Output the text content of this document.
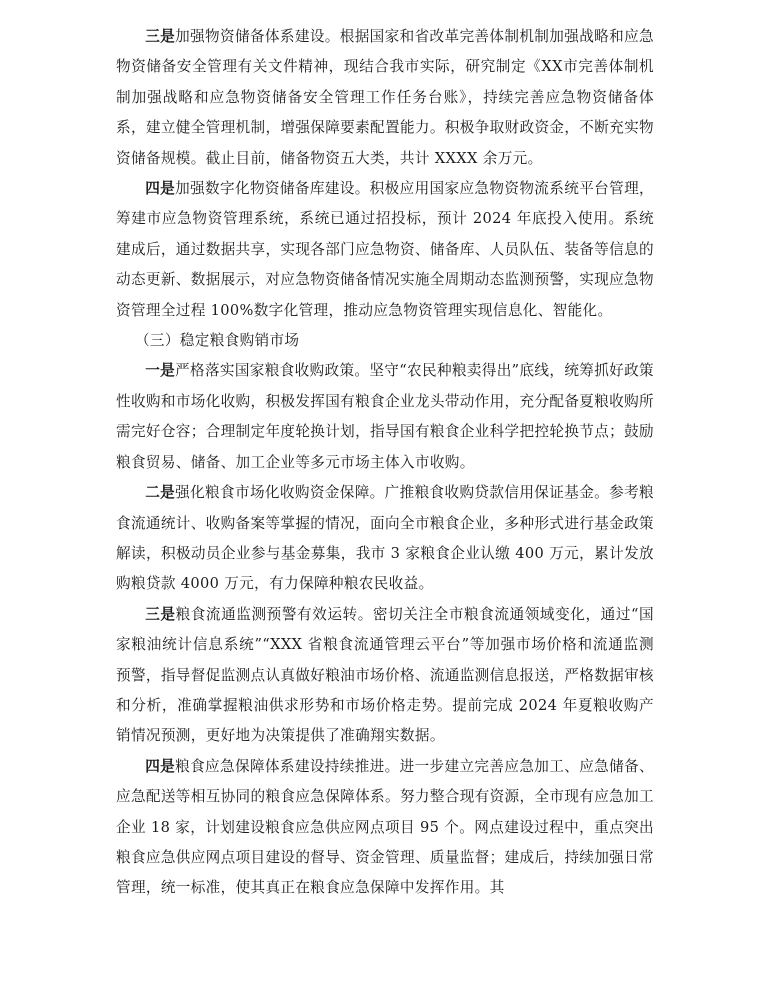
三是加强物资储备体系建设。根据国家和省改革完善体制机制加强战略和应急物资储备安全管理有关文件精神，现结合我市实际，研究制定《XX市完善体制机制加强战略和应急物资储备安全管理工作任务台账》，持续完善应急物资储备体系，建立健全管理机制，增强保障要素配置能力。积极争取财政资金，不断充实物资储备规模。截止目前，储备物资五大类，共计 XXXX 余万元。

四是加强数字化物资储备库建设。积极应用国家应急物资物流系统平台管理，筹建市应急物资管理系统，系统已通过招投标，预计 2024 年底投入使用。系统建成后，通过数据共享，实现各部门应急物资、储备库、人员队伍、装备等信息的动态更新、数据展示，对应急物资储备情况实施全周期动态监测预警，实现应急物资管理全过程 100%数字化管理，推动应急物资管理实现信息化、智能化。

（三）稳定粮食购销市场

一是严格落实国家粮食收购政策。坚守“农民种粮卖得出”底线，统筹抓好政策性收购和市场化收购，积极发挥国有粮食企业龙头带动作用，充分配备夏粮收购所需完好仓容；合理制定年度轮换计划，指导国有粮食企业科学把控轮换节点；鼓励粮食贸易、储备、加工企业等多元市场主体入市收购。

二是强化粮食市场化收购资金保障。广推粮食收购贷款信用保证基金。参考粮食流通统计、收购备案等掌握的情况，面向全市粮食企业，多种形式进行基金政策解读，积极动员企业参与基金募集，我市 3 家粮食企业认缴 400 万元，累计发放购粮贷款 4000 万元，有力保障种粮农民收益。

三是粮食流通监测预警有效运转。密切关注全市粮食流通领域变化，通过“国家粮油统计信息系统”“XXX 省粮食流通管理云平台”等加强市场价格和流通监测预警，指导督促监测点认真做好粮油市场价格、流通监测信息报送，严格数据审核和分析，准确掌握粮油供求形势和市场价格走势。提前完成 2024 年夏粮收购产销情况预测，更好地为决策提供了准确翔实数据。

四是粮食应急保障体系建设持续推进。进一步建立完善应急加工、应急储备、应急配送等相互协同的粮食应急保障体系。努力整合现有资源，全市现有应急加工企业 18 家，计划建设粮食应急供应网点项目 95 个。网点建设过程中，重点突出粮食应急供应网点项目建设的督导、资金管理、质量监督；建成后，持续加强日常管理，统一标准，使其真正在粮食应急保障中发挥作用。其
